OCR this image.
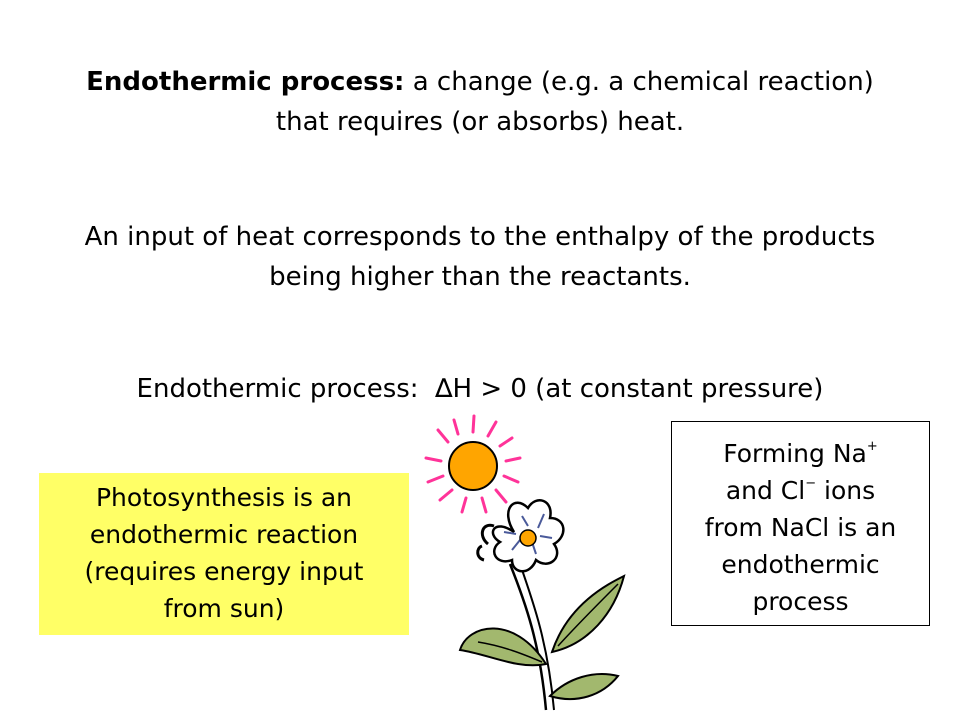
Endothermic process: a change (e.g. a chemical reaction) that requires (or absorbs) heat.
An input of heat corresponds to the enthalpy of the products being higher than the reactants.
Endothermic process: ∆H > 0 (at constant pressure)
Photosynthesis is an
endothermic reaction
(requires energy input
from sun)
Forming Na+
and Cl− ions
from NaCl is an
endothermic
process
